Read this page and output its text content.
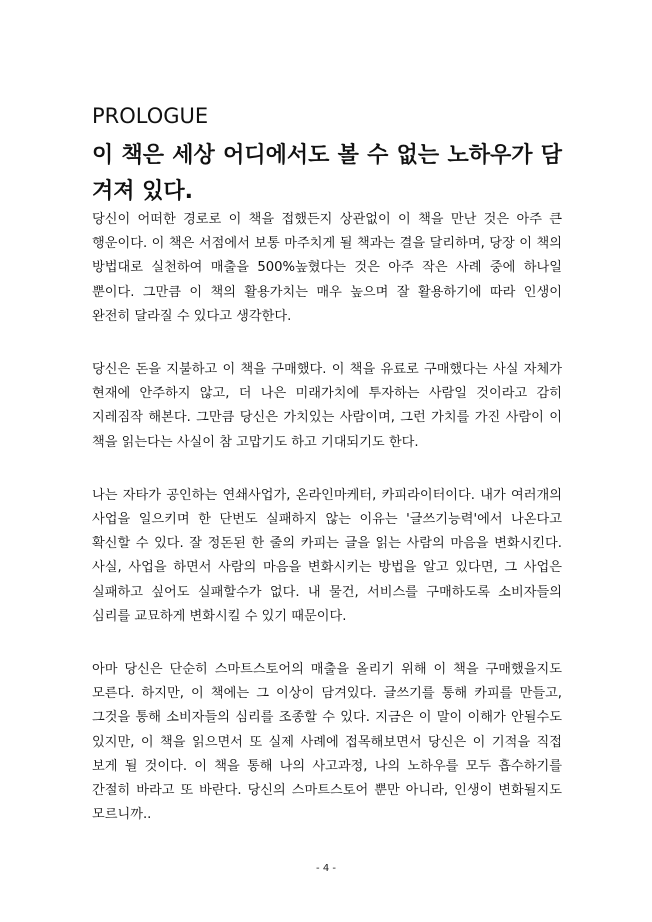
PROLOGUE
이 책은 세상 어디에서도 볼 수 없는 노하우가 담겨져 있다.

당신이 어떠한 경로로 이 책을 접했든지 상관없이 이 책을 만난 것은 아주 큰 행운이다. 이 책은 서점에서 보통 마주치게 될 책과는 결을 달리하며, 당장 이 책의 방법대로 실천하여 매출을 500%높혔다는 것은 아주 작은 사례 중에 하나일 뿐이다. 그만큼 이 책의 활용가치는 매우 높으며 잘 활용하기에 따라 인생이 완전히 달라질 수 있다고 생각한다.

당신은 돈을 지불하고 이 책을 구매했다. 이 책을 유료로 구매했다는 사실 자체가 현재에 안주하지 않고, 더 나은 미래가치에 투자하는 사람일 것이라고 감히 지레짐작 해본다. 그만큼 당신은 가치있는 사람이며, 그런 가치를 가진 사람이 이 책을 읽는다는 사실이 참 고맙기도 하고 기대되기도 한다.

나는 자타가 공인하는 연쇄사업가, 온라인마케터, 카피라이터이다. 내가 여러개의 사업을 일으키며 한 단번도 실패하지 않는 이유는 '글쓰기능력'에서 나온다고 확신할 수 있다. 잘 정돈된 한 줄의 카피는 글을 읽는 사람의 마음을 변화시킨다. 사실, 사업을 하면서 사람의 마음을 변화시키는 방법을 알고 있다면, 그 사업은 실패하고 싶어도 실패할수가 없다. 내 물건, 서비스를 구매하도록 소비자들의 심리를 교묘하게 변화시킬 수 있기 때문이다.

아마 당신은 단순히 스마트스토어의 매출을 올리기 위해 이 책을 구매했을지도 모른다. 하지만, 이 책에는 그 이상이 담겨있다. 글쓰기를 통해 카피를 만들고, 그것을 통해 소비자들의 심리를 조종할 수 있다. 지금은 이 말이 이해가 안될수도 있지만, 이 책을 읽으면서 또 실제 사례에 접목해보면서 당신은 이 기적을 직접 보게 될 것이다. 이 책을 통해 나의 사고과정, 나의 노하우를 모두 흡수하기를 간절히 바라고 또 바란다. 당신의 스마트스토어 뿐만 아니라, 인생이 변화될지도 모르니까..

- 4 -
